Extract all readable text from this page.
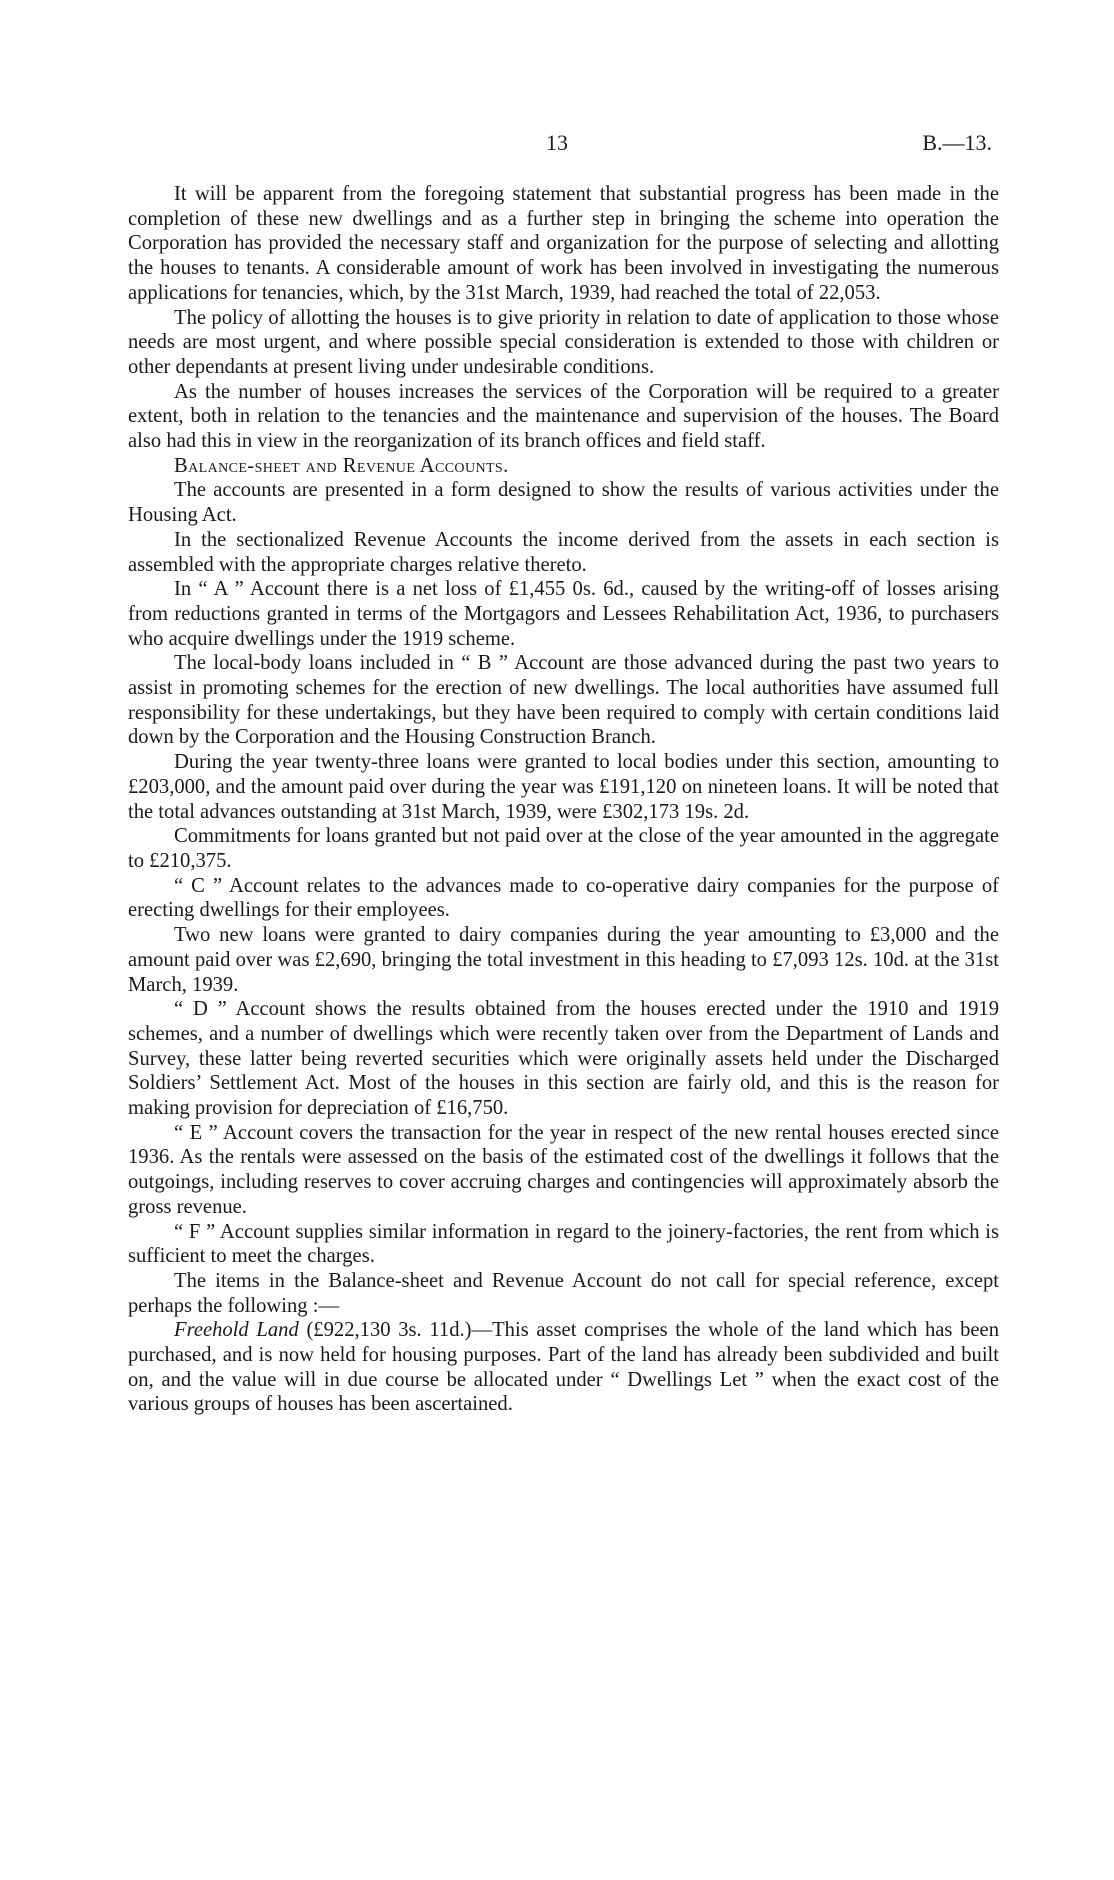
13	B.—13.

It will be apparent from the foregoing statement that substantial progress has been made in the completion of these new dwellings and as a further step in bringing the scheme into operation the Corporation has provided the necessary staff and organization for the purpose of selecting and allotting the houses to tenants. A considerable amount of work has been involved in investigating the numerous applications for tenancies, which, by the 31st March, 1939, had reached the total of 22,053.

The policy of allotting the houses is to give priority in relation to date of application to those whose needs are most urgent, and where possible special consideration is extended to those with children or other dependants at present living under undesirable conditions.

As the number of houses increases the services of the Corporation will be required to a greater extent, both in relation to the tenancies and the maintenance and supervision of the houses. The Board also had this in view in the reorganization of its branch offices and field staff.

Balance-sheet and Revenue Accounts.

The accounts are presented in a form designed to show the results of various activities under the Housing Act.

In the sectionalized Revenue Accounts the income derived from the assets in each section is assembled with the appropriate charges relative thereto.

In “ A ” Account there is a net loss of £1,455 0s. 6d., caused by the writing-off of losses arising from reductions granted in terms of the Mortgagors and Lessees Rehabilitation Act, 1936, to purchasers who acquire dwellings under the 1919 scheme.

The local-body loans included in “ B ” Account are those advanced during the past two years to assist in promoting schemes for the erection of new dwellings. The local authorities have assumed full responsibility for these undertakings, but they have been required to comply with certain conditions laid down by the Corporation and the Housing Construction Branch.

During the year twenty-three loans were granted to local bodies under this section, amounting to £203,000, and the amount paid over during the year was £191,120 on nineteen loans. It will be noted that the total advances outstanding at 31st March, 1939, were £302,173 19s. 2d.

Commitments for loans granted but not paid over at the close of the year amounted in the aggregate to £210,375.

“ C ” Account relates to the advances made to co-operative dairy companies for the purpose of erecting dwellings for their employees.

Two new loans were granted to dairy companies during the year amounting to £3,000 and the amount paid over was £2,690, bringing the total investment in this heading to £7,093 12s. 10d. at the 31st March, 1939.

“ D ” Account shows the results obtained from the houses erected under the 1910 and 1919 schemes, and a number of dwellings which were recently taken over from the Department of Lands and Survey, these latter being reverted securities which were originally assets held under the Discharged Soldiers’ Settlement Act. Most of the houses in this section are fairly old, and this is the reason for making provision for depreciation of £16,750.

“ E ” Account covers the transaction for the year in respect of the new rental houses erected since 1936. As the rentals were assessed on the basis of the estimated cost of the dwellings it follows that the outgoings, including reserves to cover accruing charges and contingencies will approximately absorb the gross revenue.

“ F ” Account supplies similar information in regard to the joinery-factories, the rent from which is sufficient to meet the charges.

The items in the Balance-sheet and Revenue Account do not call for special reference, except perhaps the following :—

Freehold Land (£922,130 3s. 11d.)—This asset comprises the whole of the land which has been purchased, and is now held for housing purposes. Part of the land has already been subdivided and built on, and the value will in due course be allocated under “ Dwellings Let ” when the exact cost of the various groups of houses has been ascertained.
